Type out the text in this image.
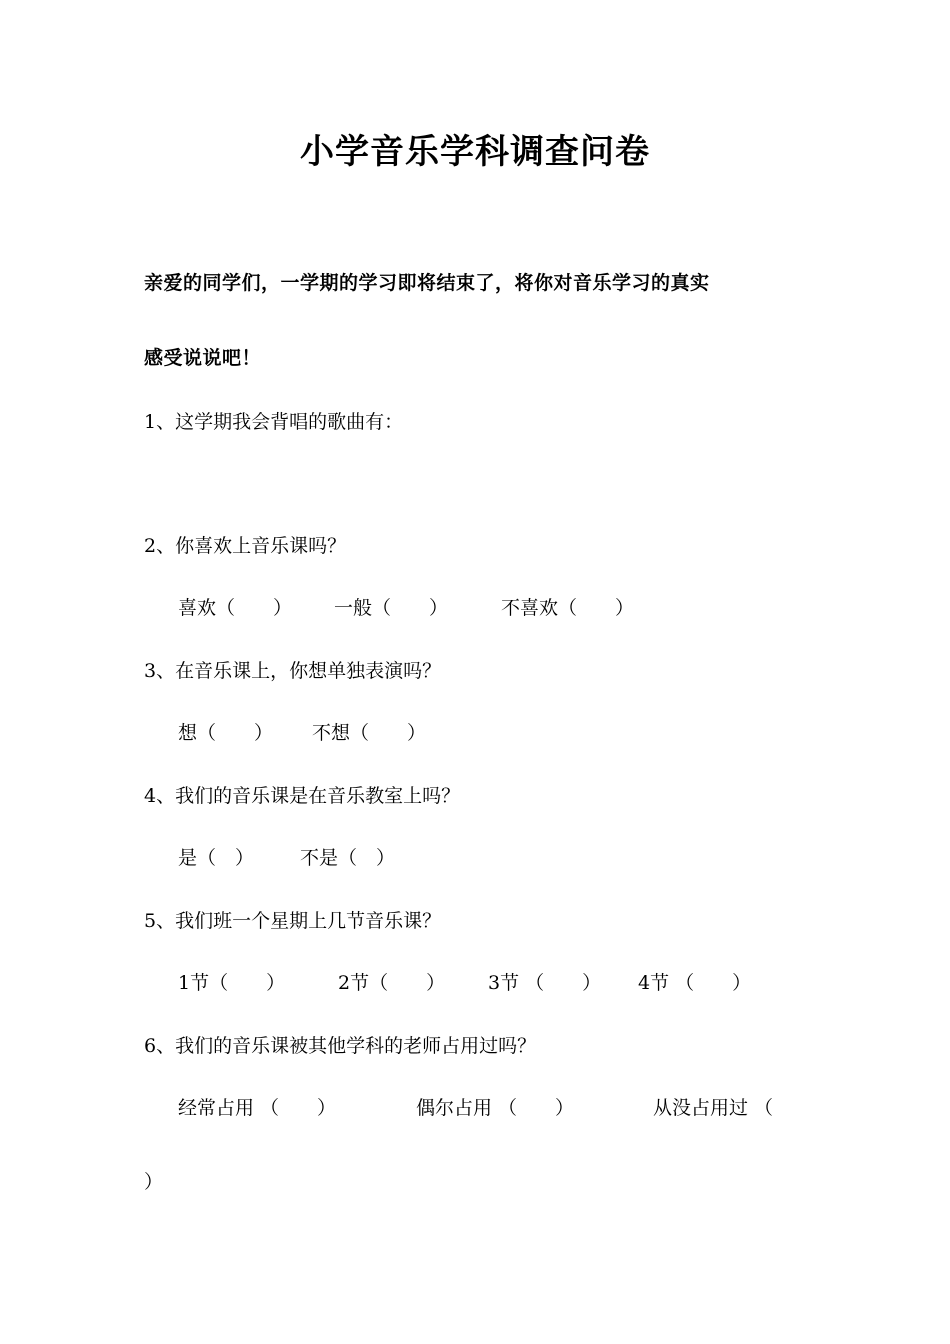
小学音乐学科调查问卷
亲爱的同学们，一学期的学习即将结束了，将你对音乐学习的真实
感受说说吧！
1、这学期我会背唱的歌曲有：
2、你喜欢上音乐课吗？
喜欢（　　） 一般（　　）	不喜欢（　　）
3、在音乐课上，你想单独表演吗？
想（　　） 不想（　　）
4、我们的音乐课是在音乐教室上吗？
是（　） 不是（　）
5、我们班一个星期上几节音乐课？
1节（　　）	2节（　　） 3节 （　　） 4节 （　　）
6、我们的音乐课被其他学科的老师占用过吗？
经常占用 （　　）	偶尔占用 （　　）	从没占用过 （
）
